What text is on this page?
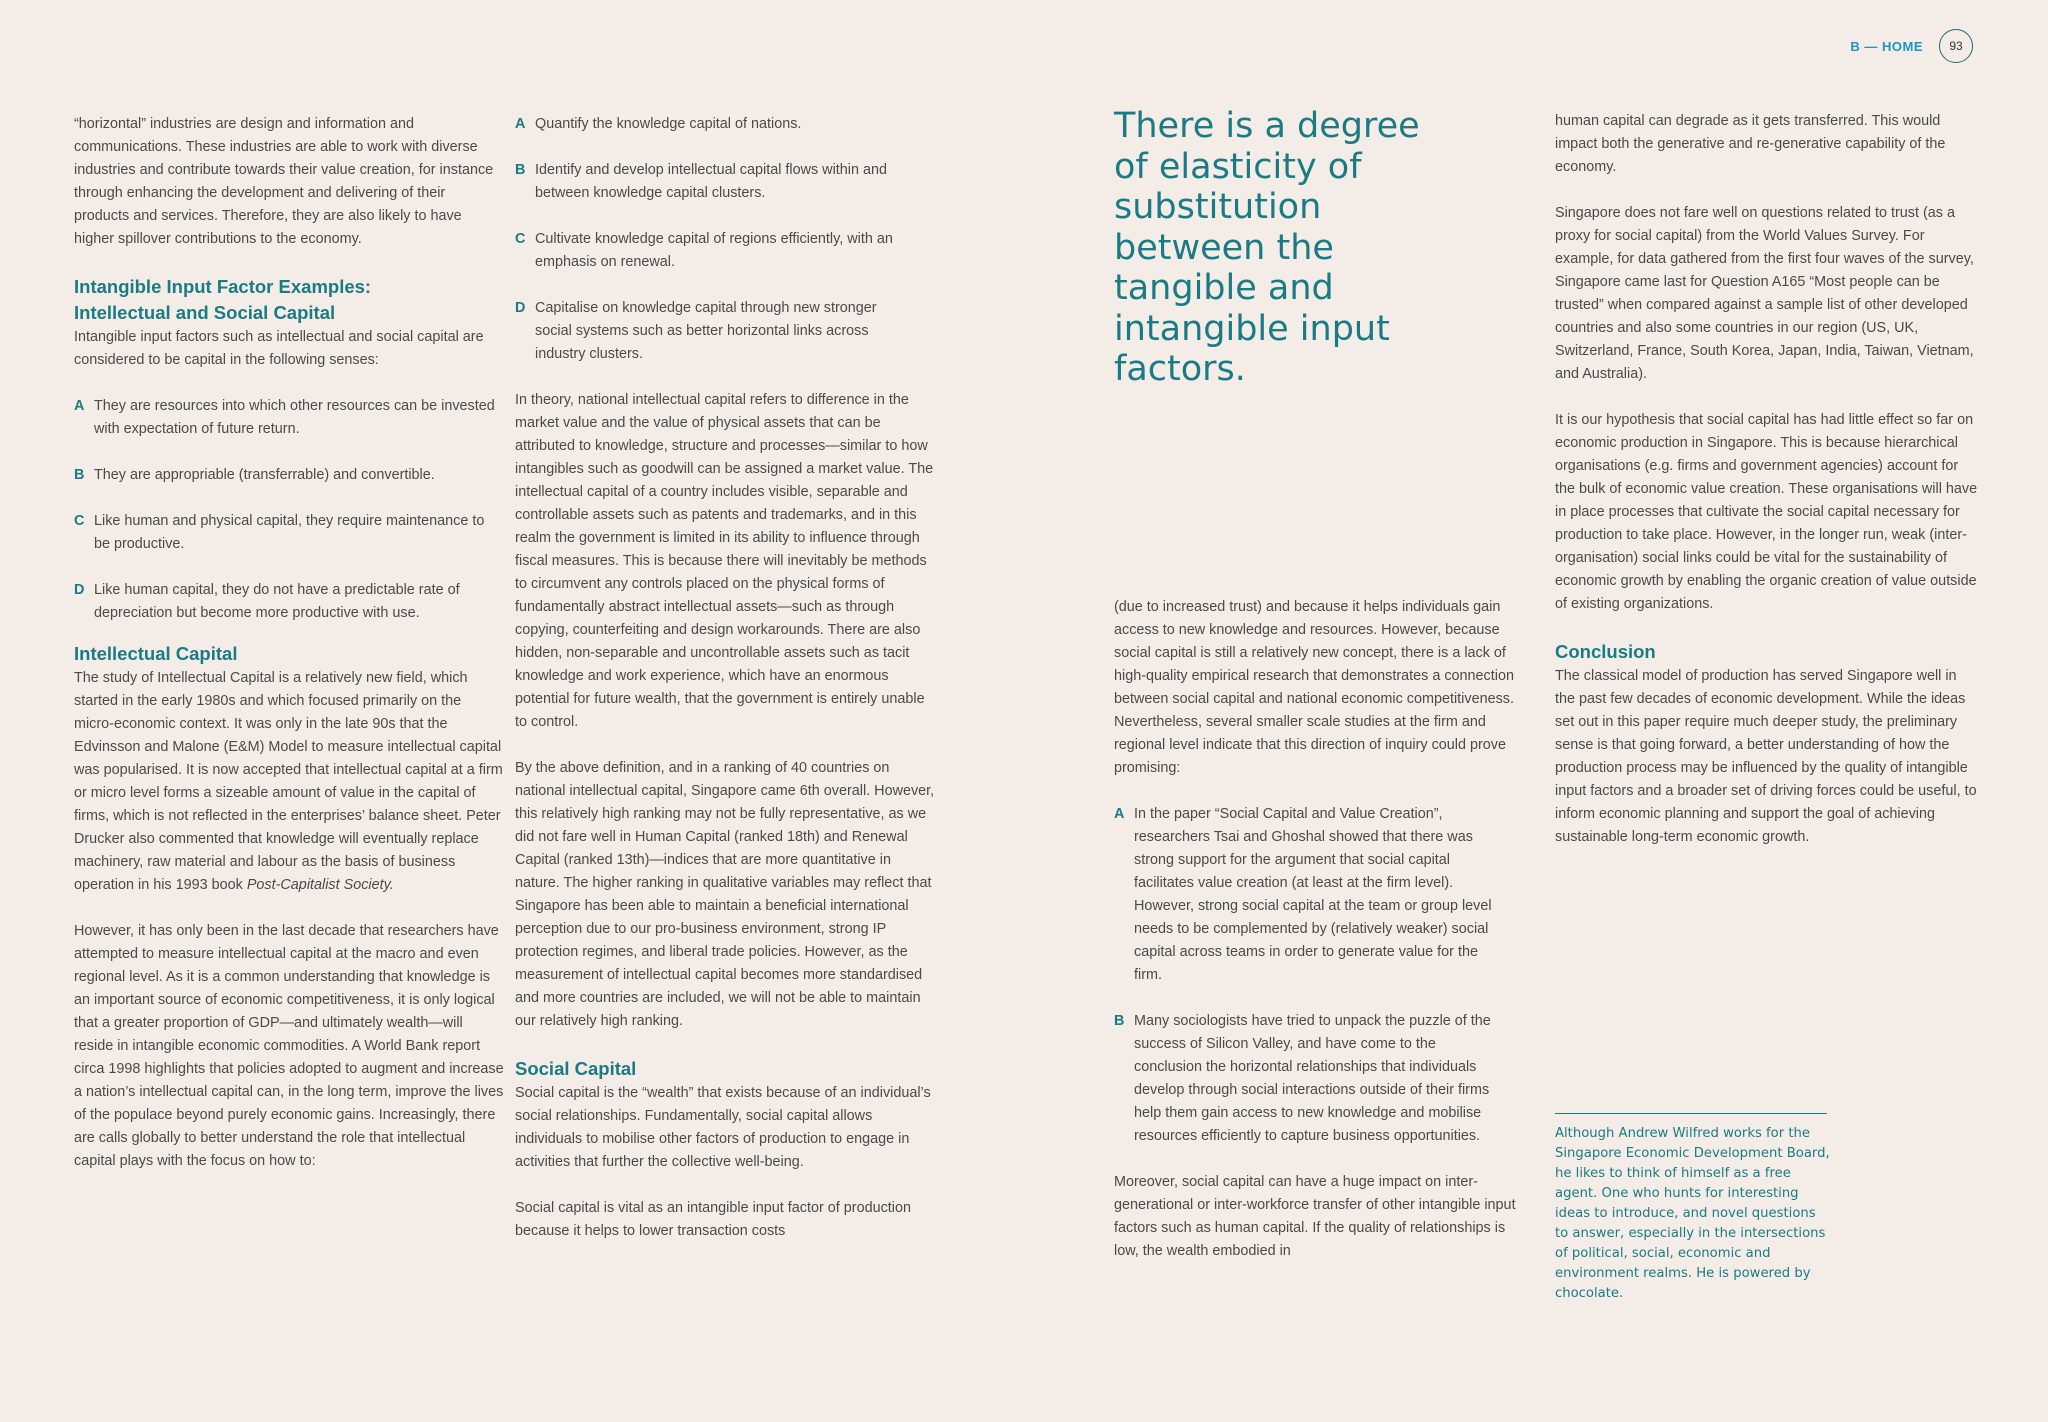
B — HOME	93

“horizontal” industries are design and information and communications. These industries are able to work with diverse industries and contribute towards their value creation, for instance through enhancing the development and delivering of their products and services. Therefore, they are also likely to have higher spillover contributions to the economy.

Intangible Input Factor Examples: Intellectual and Social Capital

Intangible input factors such as intellectual and social capital are considered to be capital in the following senses:

A They are resources into which other resources can be invested with expectation of future return.
B They are appropriable (transferrable) and convertible.
C Like human and physical capital, they require maintenance to be productive.
D Like human capital, they do not have a predictable rate of depreciation but become more productive with use.
Intellectual Capital

The study of Intellectual Capital is a relatively new field, which started in the early 1980s and which focused primarily on the micro-economic context. It was only in the late 90s that the Edvinsson and Malone (E&M) Model to measure intellectual capital was popularised. It is now accepted that intellectual capital at a firm or micro level forms a sizeable amount of value in the capital of firms, which is not reflected in the enterprises’ balance sheet. Peter Drucker also commented that knowledge will eventually replace machinery, raw material and labour as the basis of business operation in his 1993 book Post-Capitalist Society.

However, it has only been in the last decade that researchers have attempted to measure intellectual capital at the macro and even regional level. As it is a common understanding that knowledge is an important source of economic competitiveness, it is only logical that a greater proportion of GDP—and ultimately wealth—will reside in intangible economic commodities. A World Bank report circa 1998 highlights that policies adopted to augment and increase a nation’s intellectual capital can, in the long term, improve the lives of the populace beyond purely economic gains. Increasingly, there are calls globally to better understand the role that intellectual capital plays with the focus on how to:

A Quantify the knowledge capital of nations.
B Identify and develop intellectual capital flows within and between knowledge capital clusters.
C Cultivate knowledge capital of regions efficiently, with an emphasis on renewal.
D Capitalise on knowledge capital through new stronger social systems such as better horizontal links across industry clusters.

In theory, national intellectual capital refers to difference in the market value and the value of physical assets that can be attributed to knowledge, structure and processes—similar to how intangibles such as goodwill can be assigned a market value. The intellectual capital of a country includes visible, separable and controllable assets such as patents and trademarks, and in this realm the government is limited in its ability to influence through fiscal measures. This is because there will inevitably be methods to circumvent any controls placed on the physical forms of fundamentally abstract intellectual assets—such as through copying, counterfeiting and design workarounds. There are also hidden, non-separable and uncontrollable assets such as tacit knowledge and work experience, which have an enormous potential for future wealth, that the government is entirely unable to control.

By the above definition, and in a ranking of 40 countries on national intellectual capital, Singapore came 6th overall. However, this relatively high ranking may not be fully representative, as we did not fare well in Human Capital (ranked 18th) and Renewal Capital (ranked 13th)—indices that are more quantitative in nature. The higher ranking in qualitative variables may reflect that Singapore has been able to maintain a beneficial international perception due to our pro-business environment, strong IP protection regimes, and liberal trade policies. However, as the measurement of intellectual capital becomes more standardised and more countries are included, we will not be able to maintain our relatively high ranking.

Social Capital

Social capital is the “wealth” that exists because of an individual’s social relationships. Fundamentally, social capital allows individuals to mobilise other factors of production to engage in activities that further the collective well-being.

Social capital is vital as an intangible input factor of production because it helps to lower transaction costs

There is a degree of elasticity of substitution between the tangible and intangible input factors.

(due to increased trust) and because it helps individuals gain access to new knowledge and resources. However, because social capital is still a relatively new concept, there is a lack of high-quality empirical research that demonstrates a connection between social capital and national economic competitiveness. Nevertheless, several smaller scale studies at the firm and regional level indicate that this direction of inquiry could prove promising:

A In the paper “Social Capital and Value Creation”, researchers Tsai and Ghoshal showed that there was strong support for the argument that social capital facilitates value creation (at least at the firm level). However, strong social capital at the team or group level needs to be complemented by (relatively weaker) social capital across teams in order to generate value for the firm.
B Many sociologists have tried to unpack the puzzle of the success of Silicon Valley, and have come to the conclusion the horizontal relationships that individuals develop through social interactions outside of their firms help them gain access to new knowledge and mobilise resources efficiently to capture business opportunities.

Moreover, social capital can have a huge impact on inter-generational or inter-workforce transfer of other intangible input factors such as human capital. If the quality of relationships is low, the wealth embodied in

human capital can degrade as it gets transferred. This would impact both the generative and re-generative capability of the economy.

Singapore does not fare well on questions related to trust (as a proxy for social capital) from the World Values Survey. For example, for data gathered from the first four waves of the survey, Singapore came last for Question A165 “Most people can be trusted” when compared against a sample list of other developed countries and also some countries in our region (US, UK, Switzerland, France, South Korea, Japan, India, Taiwan, Vietnam, and Australia).

It is our hypothesis that social capital has had little effect so far on economic production in Singapore. This is because hierarchical organisations (e.g. firms and government agencies) account for the bulk of economic value creation. These organisations will have in place processes that cultivate the social capital necessary for production to take place. However, in the longer run, weak (inter-organisation) social links could be vital for the sustainability of economic growth by enabling the organic creation of value outside of existing organizations.

Conclusion

The classical model of production has served Singapore well in the past few decades of economic development. While the ideas set out in this paper require much deeper study, the preliminary sense is that going forward, a better understanding of how the production process may be influenced by the quality of intangible input factors and a broader set of driving forces could be useful, to inform economic planning and support the goal of achieving sustainable long-term economic growth.

Although Andrew Wilfred works for the Singapore Economic Development Board, he likes to think of himself as a free agent. One who hunts for interesting ideas to introduce, and novel questions to answer, especially in the intersections of political, social, economic and environment realms. He is powered by chocolate.
